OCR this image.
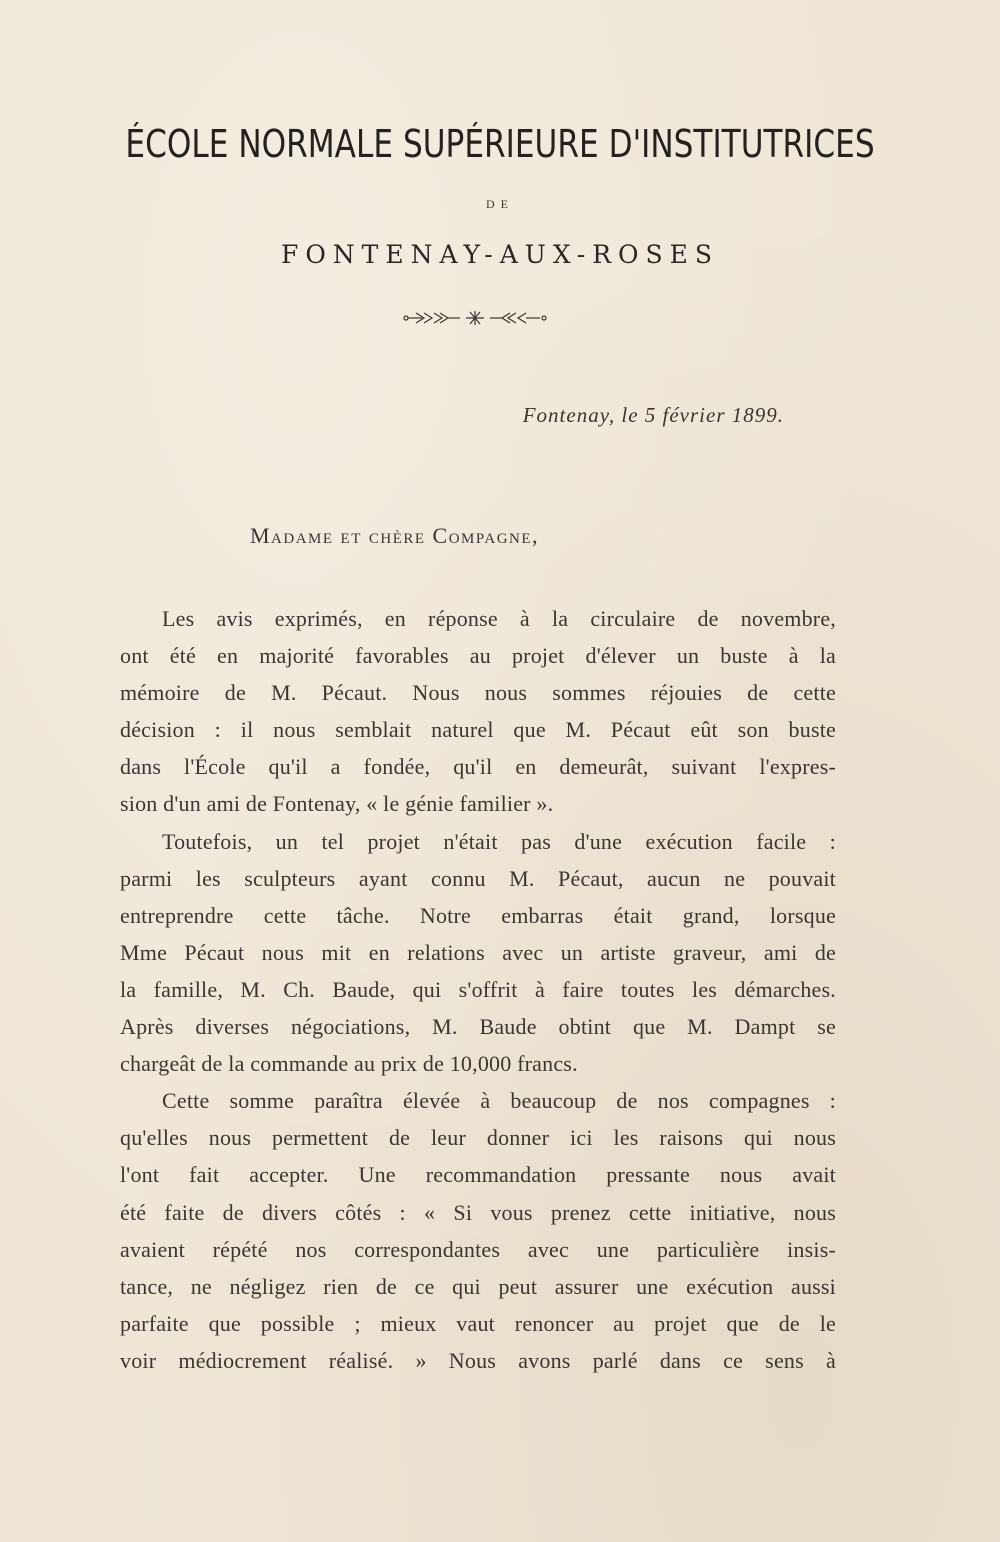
ÉCOLE NORMALE SUPÉRIEURE D'INSTITUTRICES
DE
FONTENAY-AUX-ROSES
Fontenay, le 5 février 1899.
Madame et chère Compagne,
Les avis exprimés, en réponse à la circulaire de novembre,
ont été en majorité favorables au projet d'élever un buste à la
mémoire de M. Pécaut. Nous nous sommes réjouies de cette
décision : il nous semblait naturel que M. Pécaut eût son buste
dans l'École qu'il a fondée, qu'il en demeurât, suivant l'expres-
sion d'un ami de Fontenay, « le génie familier ».
Toutefois, un tel projet n'était pas d'une exécution facile :
parmi les sculpteurs ayant connu M. Pécaut, aucun ne pouvait
entreprendre cette tâche. Notre embarras était grand, lorsque
Mme Pécaut nous mit en relations avec un artiste graveur, ami de
la famille, M. Ch. Baude, qui s'offrit à faire toutes les démarches.
Après diverses négociations, M. Baude obtint que M. Dampt se
chargeât de la commande au prix de 10,000 francs.
Cette somme paraîtra élevée à beaucoup de nos compagnes :
qu'elles nous permettent de leur donner ici les raisons qui nous
l'ont fait accepter. Une recommandation pressante nous avait
été faite de divers côtés : « Si vous prenez cette initiative, nous
avaient répété nos correspondantes avec une particulière insis-
tance, ne négligez rien de ce qui peut assurer une exécution aussi
parfaite que possible ; mieux vaut renoncer au projet que de le
voir médiocrement réalisé. » Nous avons parlé dans ce sens à
